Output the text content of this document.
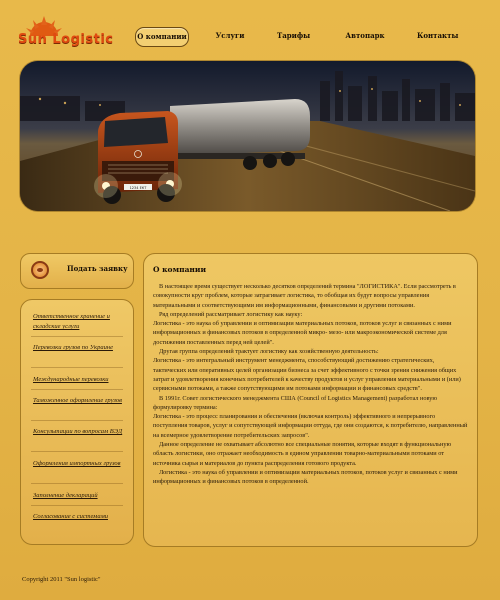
Sun Logistic	О компании	Услуги	Тарифы	Автопарк	Контакты
1234 ЕКТ
Подать заявку
Ответственное хранение и складские услуги
Перевозки грузов по Украине
Международные перевозки
Таможенное оформление грузов
Консультации по вопросам ВЭД
Оформления импортных грузов
Заполнение деклараций
Согласование с системами
О компании

В настоящее время существует несколько десятков определений термина "ЛОГИСТИКА". Если рассмотреть в совокупности круг проблем, которые затрагивает логистика, то обобщая их будут вопросы управления материальными и соответствующими им информационными, финансовыми и другими потоками.

Ряд определений рассматривает логистику как науку:

Логистика - это наука об управлении и оптимизации материальных потоков, потоков услуг и связанных с ними информационных и финансовых потоков в определенной микро- мезо- или макроэкономической системе для достижения поставленных перед ней целей".

Другая группа определений трактует логистику как хозяйственную деятельность:

Логистика - это интегральный инструмент менеджмента, способствующий достижению стратегических, тактических или оперативных целей организации бизнеса за счет эффективного с точки зрения снижения общих затрат и удовлетворения конечных потребителей к качеству продуктов и услуг управления материальными и (или) сервисными потоками, а также сопутствующими им потоками информации и финансовых средств".

В 1991г. Совет логистического менеджмента США (Council of Logistics Management) разработал новую формулировку термина:

Логистика - это процесс планирования и обеспечения (включая контроль) эффективного и непрерывного поступления товаров, услуг и сопутствующей информации оттуда, где они создаются, к потребителю, направленный на всемерное удовлетворение потребительских запросов".

Данное определение не охватывает абсолютно все специальные понятия, которые входят в функциональную область логистики, оно отражает необходимость в едином управлении товарно-материальными потоками от источника сырья и материалов до пункта распределения готового продукта.

Логистика - это наука об управлении и оптимизации материальных потоков, потоков услуг и связанных с ними информационных и финансовых потоков в определенной.

Copyright 2011 "Sun logistic"
